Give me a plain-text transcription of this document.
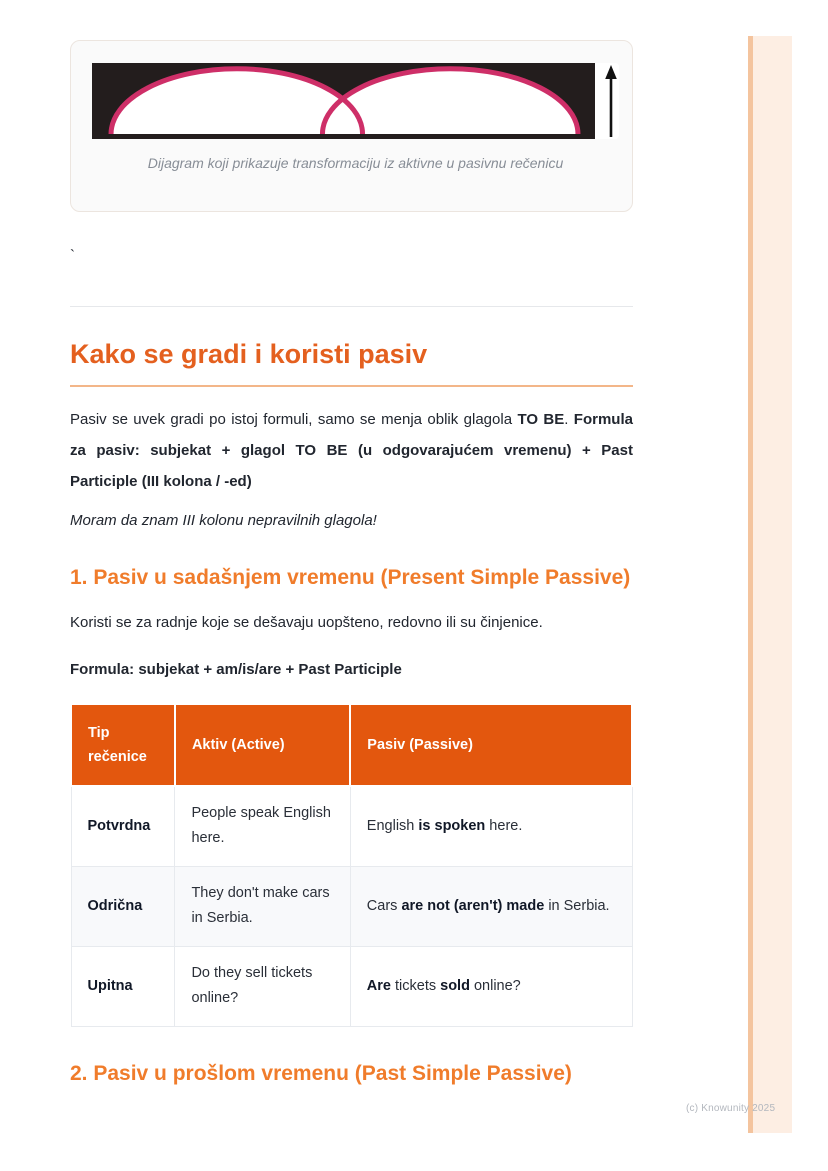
(c) Knowunity 2025
Dijagram koji prikazuje transformaciju iz aktivne u pasivnu rečenicu

`

Kako se gradi i koristi pasiv

Pasiv se uvek gradi po istoj formuli, samo se menja oblik glagola TO BE. Formula za pasiv: subjekat + glagol TO BE (u odgovarajućem vremenu) + Past Participle (III kolona / -ed)

Moram da znam III kolonu nepravilnih glagola!

1. Pasiv u sadašnjem vremenu (Present Simple Passive)

Koristi se za radnje koje se dešavaju uopšteno, redovno ili su činjenice.

Formula: subjekat + am/is/are + Past Participle

Tip rečenice	Aktiv (Active)	Pasiv (Passive)
Potvrdna	People speak English here.	English is spoken here.
Odrična	They don't make cars in Serbia.	Cars are not (aren't) made in Serbia.
Upitna	Do they sell tickets online?	Are tickets sold online?
2. Pasiv u prošlom vremenu (Past Simple Passive)
